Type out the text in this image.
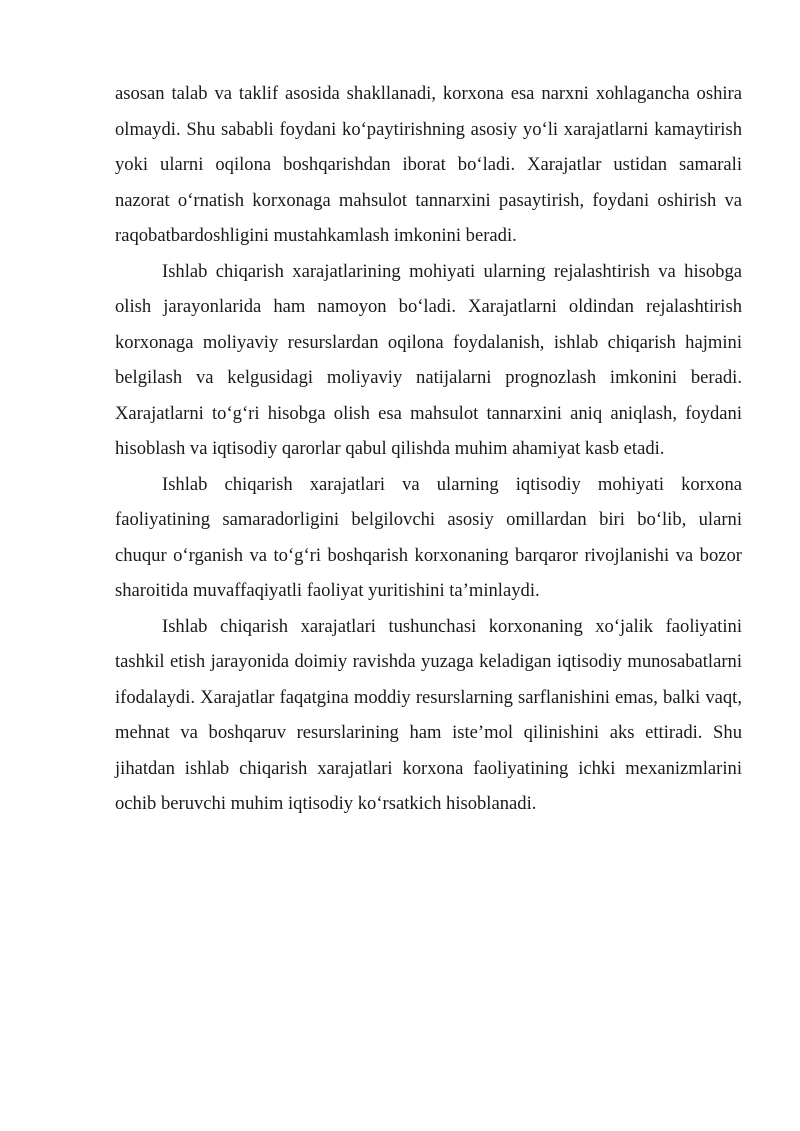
asosan talab va taklif asosida shakllanadi, korxona esa narxni xohlagancha oshira olmaydi. Shu sababli foydani ko‘paytirishning asosiy yo‘li xarajatlarni kamaytirish yoki ularni oqilona boshqarishdan iborat bo‘ladi. Xarajatlar ustidan samarali nazorat o‘rnatish korxonaga mahsulot tannarxini pasaytirish, foydani oshirish va raqobatbardoshligini mustahkamlash imkonini beradi.

Ishlab chiqarish xarajatlarining mohiyati ularning rejalashtirish va hisobga olish jarayonlarida ham namoyon bo‘ladi. Xarajatlarni oldindan rejalashtirish korxonaga moliyaviy resurslardan oqilona foydalanish, ishlab chiqarish hajmini belgilash va kelgusidagi moliyaviy natijalarni prognozlash imkonini beradi. Xarajatlarni to‘g‘ri hisobga olish esa mahsulot tannarxini aniq aniqlash, foydani hisoblash va iqtisodiy qarorlar qabul qilishda muhim ahamiyat kasb etadi.

Ishlab chiqarish xarajatlari va ularning iqtisodiy mohiyati korxona faoliyatining samaradorligini belgilovchi asosiy omillardan biri bo‘lib, ularni chuqur o‘rganish va to‘g‘ri boshqarish korxonaning barqaror rivojlanishi va bozor sharoitida muvaffaqiyatli faoliyat yuritishini ta’minlaydi.

Ishlab chiqarish xarajatlari tushunchasi korxonaning xo‘jalik faoliyatini tashkil etish jarayonida doimiy ravishda yuzaga keladigan iqtisodiy munosabatlarni ifodalaydi. Xarajatlar faqatgina moddiy resurslarning sarflanishini emas, balki vaqt, mehnat va boshqaruv resurslarining ham iste’mol qilinishini aks ettiradi. Shu jihatdan ishlab chiqarish xarajatlari korxona faoliyatining ichki mexanizmlarini ochib beruvchi muhim iqtisodiy ko‘rsatkich hisoblanadi.
